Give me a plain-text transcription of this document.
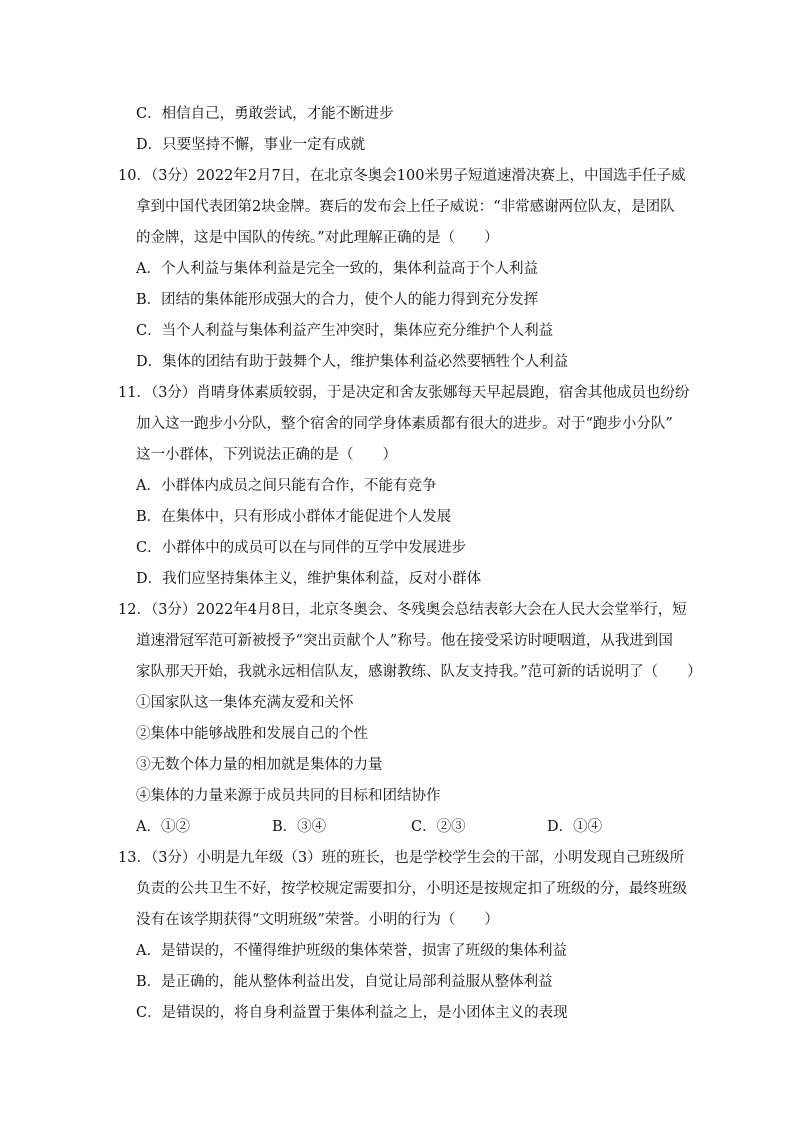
C．相信自己，勇敢尝试，才能不断进步
D．只要坚持不懈，事业一定有成就
10．（3分）2022年2月7日，在北京冬奥会100米男子短道速滑决赛上，中国选手任子威
拿到中国代表团第2块金牌。赛后的发布会上任子威说：“非常感谢两位队友，是团队
的金牌，这是中国队的传统。”对此理解正确的是（　　）
A．个人利益与集体利益是完全一致的，集体利益高于个人利益
B．团结的集体能形成强大的合力，使个人的能力得到充分发挥
C．当个人利益与集体利益产生冲突时，集体应充分维护个人利益
D．集体的团结有助于鼓舞个人，维护集体利益必然要牺牲个人利益
11．（3分）肖晴身体素质较弱，于是决定和舍友张娜每天早起晨跑，宿舍其他成员也纷纷
加入这一跑步小分队，整个宿舍的同学身体素质都有很大的进步。对于“跑步小分队”
这一小群体，下列说法正确的是（　　）
A．小群体内成员之间只能有合作，不能有竞争
B．在集体中，只有形成小群体才能促进个人发展
C．小群体中的成员可以在与同伴的互学中发展进步
D．我们应坚持集体主义，维护集体利益，反对小群体
12．（3分）2022年4月8日，北京冬奥会、冬残奥会总结表彰大会在人民大会堂举行，短
道速滑冠军范可新被授予“突出贡献个人”称号。他在接受采访时哽咽道，从我进到国
家队那天开始，我就永远相信队友，感谢教练、队友支持我。”范可新的话说明了（　　）
①国家队这一集体充满友爱和关怀
②集体中能够战胜和发展自己的个性
③无数个体力量的相加就是集体的力量
④集体的力量来源于成员共同的目标和团结协作
A．①②	B．③④	C．②③	D．①④
13．（3分）小明是九年级（3）班的班长，也是学校学生会的干部，小明发现自己班级所
负责的公共卫生不好，按学校规定需要扣分，小明还是按规定扣了班级的分，最终班级
没有在该学期获得“文明班级”荣誉。小明的行为（　　）
A．是错误的，不懂得维护班级的集体荣誉，损害了班级的集体利益
B．是正确的，能从整体利益出发，自觉让局部利益服从整体利益
C．是错误的，将自身利益置于集体利益之上，是小团体主义的表现
